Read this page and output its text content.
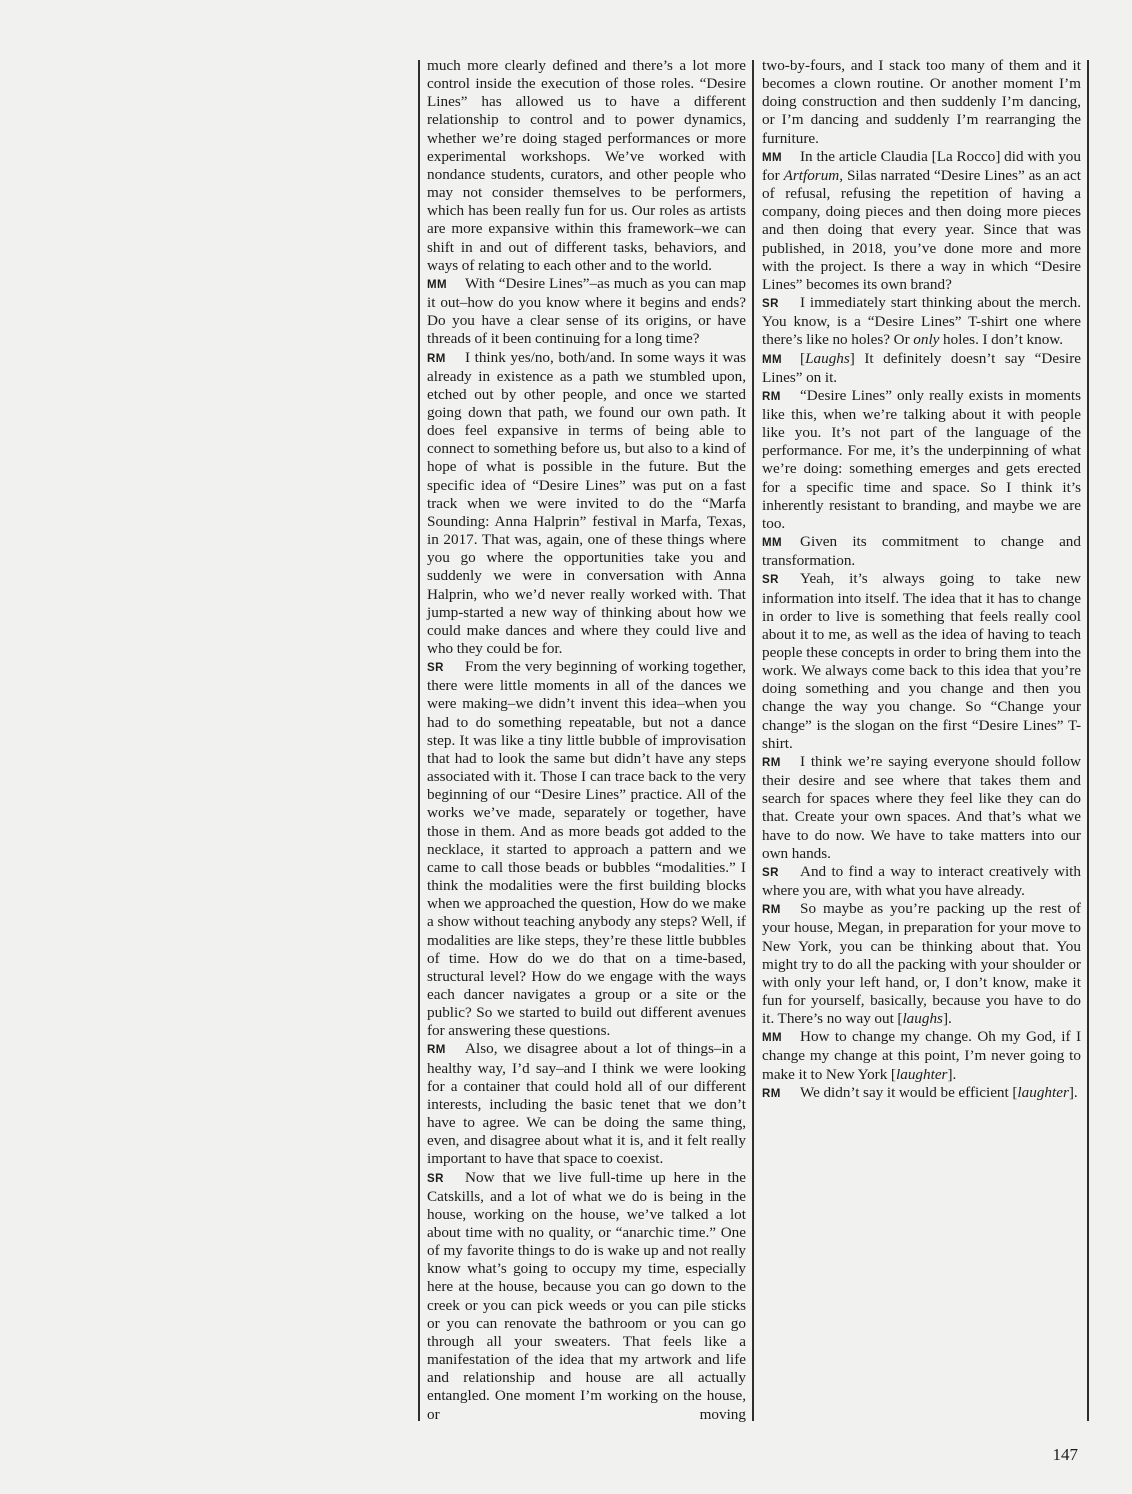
much more clearly defined and there’s a lot more control inside the execution of those roles. “Desire Lines” has allowed us to have a different relationship to control and to power dynamics, whether we’re doing staged performances or more experimental workshops. We’ve worked with nondance students, curators, and other people who may not consider themselves to be performers, which has been really fun for us. Our roles as artists are more expansive within this framework–we can shift in and out of different tasks, behaviors, and ways of relating to each other and to the world.

MM With “Desire Lines”–as much as you can map it out–how do you know where it begins and ends? Do you have a clear sense of its origins, or have threads of it been continuing for a long time?

RM I think yes/no, both/and. In some ways it was already in existence as a path we stumbled upon, etched out by other people, and once we started going down that path, we found our own path. It does feel expansive in terms of being able to connect to something before us, but also to a kind of hope of what is possible in the future. But the specific idea of “Desire Lines” was put on a fast track when we were invited to do the “Marfa Sounding: Anna Halprin” festival in Marfa, Texas, in 2017. That was, again, one of these things where you go where the opportunities take you and suddenly we were in conversation with Anna Halprin, who we’d never really worked with. That jump-started a new way of thinking about how we could make dances and where they could live and who they could be for.

SR From the very beginning of working together, there were little moments in all of the dances we were making–we didn’t invent this idea–when you had to do something repeatable, but not a dance step. It was like a tiny little bubble of improvisation that had to look the same but didn’t have any steps associated with it. Those I can trace back to the very beginning of our “Desire Lines” practice. All of the works we’ve made, separately or together, have those in them. And as more beads got added to the necklace, it started to approach a pattern and we came to call those beads or bubbles “modalities.” I think the modalities were the first building blocks when we approached the question, How do we make a show without teaching anybody any steps? Well, if modalities are like steps, they’re these little bubbles of time. How do we do that on a time-based, structural level? How do we engage with the ways each dancer navigates a group or a site or the public? So we started to build out different avenues for answering these questions.

RM Also, we disagree about a lot of things–in a healthy way, I’d say–and I think we were looking for a container that could hold all of our different interests, including the basic tenet that we don’t have to agree. We can be doing the same thing, even, and disagree about what it is, and it felt really important to have that space to coexist.

SR Now that we live full-time up here in the Catskills, and a lot of what we do is being in the house, working on the house, we’ve talked a lot about time with no quality, or “anarchic time.” One of my favorite things to do is wake up and not really know what’s going to occupy my time, especially here at the house, because you can go down to the creek or you can pick weeds or you can pile sticks or you can renovate the bathroom or you can go through all your sweaters. That feels like a manifestation of the idea that my artwork and life and relationship and house are all actually entangled. One moment I’m working on the house, or moving

two-by-fours, and I stack too many of them and it becomes a clown routine. Or another moment I’m doing construction and then suddenly I’m dancing, or I’m dancing and suddenly I’m rearranging the furniture.

MM In the article Claudia [La Rocco] did with you for Artforum, Silas narrated “Desire Lines” as an act of refusal, refusing the repetition of having a company, doing pieces and then doing more pieces and then doing that every year. Since that was published, in 2018, you’ve done more and more with the project. Is there a way in which “Desire Lines” becomes its own brand?

SR I immediately start thinking about the merch. You know, is a “Desire Lines” T-shirt one where there’s like no holes? Or only holes. I don’t know.

MM [Laughs] It definitely doesn’t say “Desire Lines” on it.

RM “Desire Lines” only really exists in moments like this, when we’re talking about it with people like you. It’s not part of the language of the performance. For me, it’s the underpinning of what we’re doing: something emerges and gets erected for a specific time and space. So I think it’s inherently resistant to branding, and maybe we are too.

MM Given its commitment to change and transformation.

SR Yeah, it’s always going to take new information into itself. The idea that it has to change in order to live is something that feels really cool about it to me, as well as the idea of having to teach people these concepts in order to bring them into the work. We always come back to this idea that you’re doing something and you change and then you change the way you change. So “Change your change” is the slogan on the first “Desire Lines” T-shirt.

RM I think we’re saying everyone should follow their desire and see where that takes them and search for spaces where they feel like they can do that. Create your own spaces. And that’s what we have to do now. We have to take matters into our own hands.

SR And to find a way to interact creatively with where you are, with what you have already.

RM So maybe as you’re packing up the rest of your house, Megan, in preparation for your move to New York, you can be thinking about that. You might try to do all the packing with your shoulder or with only your left hand, or, I don’t know, make it fun for yourself, basically, because you have to do it. There’s no way out [laughs].

MM How to change my change. Oh my God, if I change my change at this point, I’m never going to make it to New York [laughter].

RM We didn’t say it would be efficient [laughter].

147
